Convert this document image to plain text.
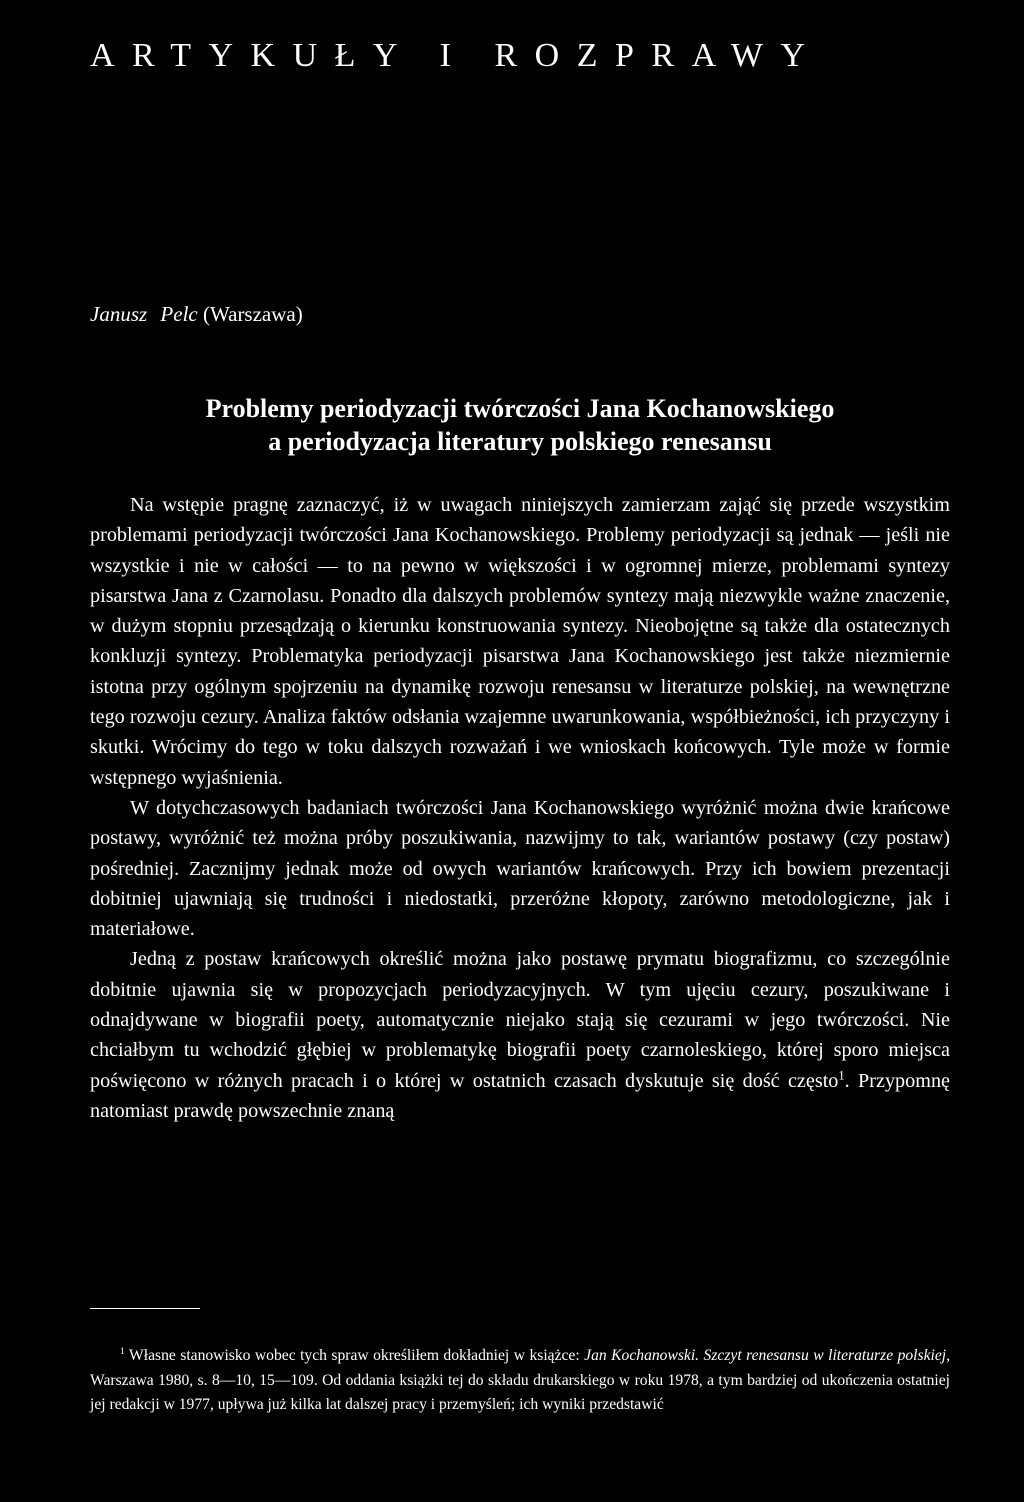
ARTYKUŁY I ROZPRAWY
Janusz Pelc (Warszawa)
Problemy periodyzacji twórczości Jana Kochanowskiego
a periodyzacja literatury polskiego renesansu

Na wstępie pragnę zaznaczyć, iż w uwagach niniejszych zamierzam zająć się przede wszystkim problemami periodyzacji twórczości Jana Kochanowskiego. Problemy periodyzacji są jednak — jeśli nie wszystkie i nie w całości — to na pewno w większości i w ogromnej mierze, problemami syntezy pisarstwa Jana z Czarnolasu. Ponadto dla dalszych problemów syntezy mają niezwykle ważne znaczenie, w dużym stopniu przesądzają o kierunku konstruowania syntezy. Nieobojętne są także dla ostatecznych konkluzji syntezy. Problematyka periodyzacji pisarstwa Jana Kochanowskiego jest także niezmiernie istotna przy ogólnym spojrzeniu na dynamikę rozwoju renesansu w literaturze polskiej, na wewnętrzne tego rozwoju cezury. Analiza faktów odsłania wzajemne uwarunkowania, współbieżności, ich przyczyny i skutki. Wrócimy do tego w toku dalszych rozważań i we wnioskach końcowych. Tyle może w formie wstępnego wyjaśnienia.

W dotychczasowych badaniach twórczości Jana Kochanowskiego wyróżnić można dwie krańcowe postawy, wyróżnić też można próby poszukiwania, nazwijmy to tak, wariantów postawy (czy postaw) pośredniej. Zacznijmy jednak może od owych wariantów krańcowych. Przy ich bowiem prezentacji dobitniej ujawniają się trudności i niedostatki, przeróżne kłopoty, zarówno metodologiczne, jak i materiałowe.

Jedną z postaw krańcowych określić można jako postawę prymatu biografizmu, co szczególnie dobitnie ujawnia się w propozycjach periodyzacyjnych. W tym ujęciu cezury, poszukiwane i odnajdywane w biografii poety, automatycznie niejako stają się cezurami w jego twórczości. Nie chciałbym tu wchodzić głębiej w problematykę biografii poety czarnoleskiego, której sporo miejsca poświęcono w różnych pracach i o której w ostatnich czasach dyskutuje się dość często$^1$. Przypomnę natomiast prawdę powszechnie znaną

$^1$ Własne stanowisko wobec tych spraw określiłem dokładniej w książce: Jan Kochanowski. Szczyt renesansu w literaturze polskiej, Warszawa 1980, s. 8—10, 15—109. Od oddania książki tej do składu drukarskiego w roku 1978, a tym bardziej od ukończenia ostatniej jej redakcji w 1977, upływa już kilka lat dalszej pracy i przemyśleń; ich wyniki przedstawić
